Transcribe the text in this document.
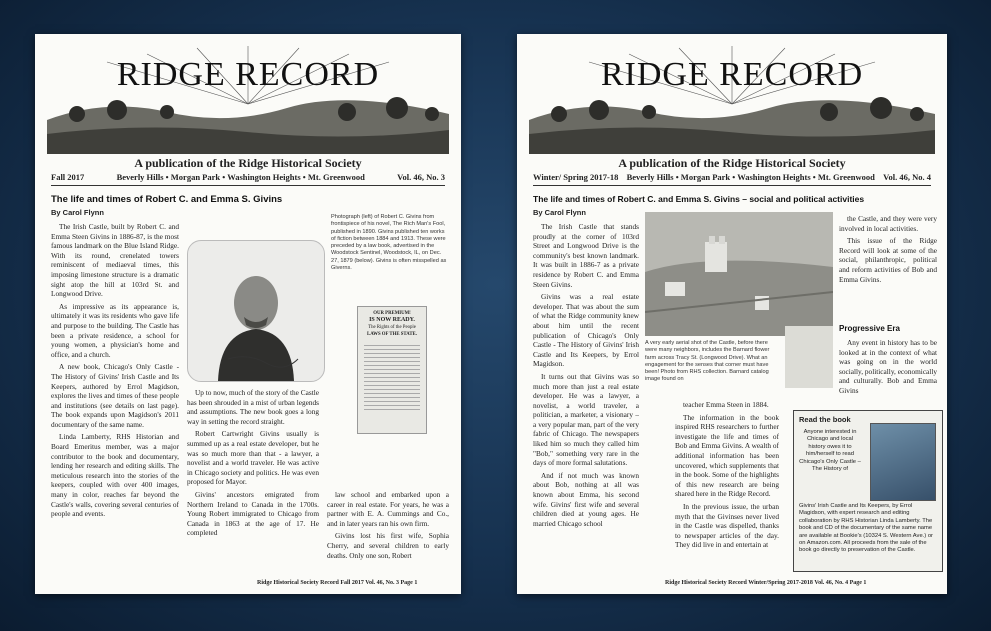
RIDGE RECORD
A publication of the Ridge Historical Society
Fall 2017	Beverly Hills • Morgan Park • Washington Heights • Mt. Greenwood	Vol. 46, No. 3
The life and times of Robert C. and Emma S. Givins
By Carol Flynn

The Irish Castle, built by Robert C. and Emma Steen Givins in 1886-87, is the most famous landmark on the Blue Island Ridge. With its round, crenelated towers reminiscent of mediaeval times, this imposing limestone structure is a dramatic sight atop the hill at 103rd St. and Longwood Drive.

As impressive as its appearance is, ultimately it was its residents who gave life and purpose to the building. The Castle has been a private residence, a school for young women, a physician's home and office, and a church.

A new book, Chicago's Only Castle - The History of Givins' Irish Castle and Its Keepers, authored by Errol Magidson, explores the lives and times of these people and institutions (see details on last page). The book expands upon Magidson's 2011 documentary of the same name.

Linda Lamberty, RHS Historian and Board Emeritus member, was a major contributor to the book and documentary, lending her research and editing skills. The meticulous research into the stories of the keepers, coupled with over 400 images, many in color, reaches far beyond the Castle's walls, covering several centuries of people and events.

Photograph (left) of Robert C. Givins from frontispiece of his novel, The Rich Man's Fool, published in 1890. Givins published ten works of fiction between 1884 and 1913. These were preceded by a law book, advertised in the Woodstock Sentinel, Woodstock, IL, on Dec. 27, 1879 (below). Givins is often misspelled as Giverns.
OUR PREMIUM!
IS NOW READY.
The Rights of the People
LAWS OF THE STATE.

Up to now, much of the story of the Castle has been shrouded in a mist of urban legends and assumptions. The new book goes a long way in setting the record straight.

Robert Cartwright Givins usually is summed up as a real estate developer, but he was so much more than that - a lawyer, a novelist and a world traveler. He was active in Chicago society and politics. He was even proposed for Mayor.

Givins' ancestors emigrated from Northern Ireland to Canada in the 1700s. Young Robert immigrated to Chicago from Canada in 1863 at the age of 17. He completed

law school and embarked upon a career in real estate. For years, he was a partner with E. A. Cummings and Co., and in later years ran his own firm.

Givins lost his first wife, Sophia Cherry, and several children to early deaths. Only one son, Robert

Ridge Historical Society Record Fall 2017 Vol. 46, No. 3 Page 1
RIDGE RECORD
A publication of the Ridge Historical Society
Winter/ Spring 2017-18 Beverly Hills • Morgan Park • Washington Heights • Mt. Greenwood Vol. 46, No. 4
The life and times of Robert C. and Emma S. Givins – social and political activities
By Carol Flynn

The Irish Castle that stands proudly at the corner of 103rd Street and Longwood Drive is the community's best known landmark. It was built in 1886-7 as a private residence by Robert C. and Emma Steen Givins.

Givins was a real estate developer. That was about the sum of what the Ridge community knew about him until the recent publication of Chicago's Only Castle - The History of Givins' Irish Castle and Its Keepers, by Errol Magidson.

It turns out that Givins was so much more than just a real estate developer. He was a lawyer, a novelist, a world traveler, a politician, a marketer, a visionary – a very popular man, part of the very fabric of Chicago. The newspapers liked him so much they called him "Bob," something very rare in the days of more formal salutations.

And if not much was known about Bob, nothing at all was known about Emma, his second wife. Givins' first wife and several children died at young ages. He married Chicago school

A very early aerial shot of the Castle, before there were many neighbors, includes the Barnard flower farm across Tracy St. (Longwood Drive). What an engagement for the senses that corner must have been! Photo from RHS collection. Barnard catalog image found on

teacher Emma Steen in 1884.

The information in the book inspired RHS researchers to further investigate the life and times of Bob and Emma Givins. A wealth of additional information has been uncovered, which supplements that in the book. Some of the highlights of this new research are being shared here in the Ridge Record.

In the previous issue, the urban myth that the Givinses never lived in the Castle was dispelled, thanks to newspaper articles of the day. They did live in and entertain at

the Castle, and they were very involved in local activities.

This issue of the Ridge Record will look at some of the social, philanthropic, political and reform activities of Bob and Emma Givins.

Progressive Era

Any event in history has to be looked at in the context of what was going on in the world socially, politically, economically and culturally. Bob and Emma Givins

Read the book
Anyone interested in Chicago and local history owes it to him/herself to read Chicago's Only Castle – The History of
Givins' Irish Castle and Its Keepers, by Errol Magidson, with expert research and editing collaboration by RHS Historian Linda Lamberty. The book and CD of the documentary of the same name are available at Bookie's (10324 S. Western Ave.) or on Amazon.com. All proceeds from the sale of the book go directly to preservation of the Castle.
Ridge Historical Society Record Winter/Spring 2017-2018 Vol. 46, No. 4 Page 1
